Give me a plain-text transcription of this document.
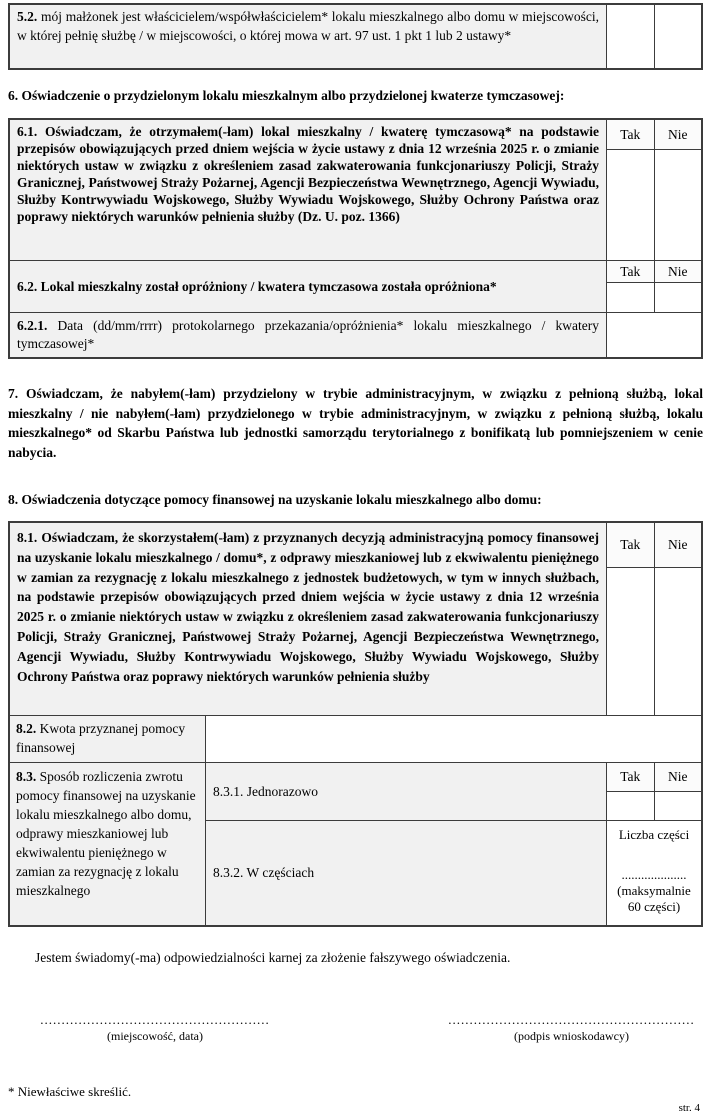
5.2. mój małżonek jest właścicielem/współwłaścicielem* lokalu mieszkalnego albo domu w miejscowości, w której pełnię służbę / w miejscowości, o której mowa w art. 97 ust. 1 pkt 1 lub 2 ustawy*
6. Oświadczenie o przydzielonym lokalu mieszkalnym albo przydzielonej kwaterze tymczasowej:
6.1. Oświadczam, że otrzymałem(-łam) lokal mieszkalny / kwaterę tymczasową* na podstawie przepisów obowiązujących przed dniem wejścia w życie ustawy z dnia 12 września 2025 r. o zmianie niektórych ustaw w związku z określeniem zasad zakwaterowania funkcjonariuszy Policji, Straży Granicznej, Państwowej Straży Pożarnej, Agencji Bezpieczeństwa Wewnętrznego, Agencji Wywiadu, Służby Kontrwywiadu Wojskowego, Służby Wywiadu Wojskowego, Służby Ochrony Państwa oraz poprawy niektórych warunków pełnienia służby (Dz. U. poz. 1366)
Tak	Nie
6.2. Lokal mieszkalny został opróżniony / kwatera tymczasowa została opróżniona*
Tak	Nie
6.2.1. Data (dd/mm/rrrr) protokolarnego przekazania/opróżnienia* lokalu mieszkalnego / kwatery tymczasowej*
7. Oświadczam, że nabyłem(-łam) przydzielony w trybie administracyjnym, w związku z pełnioną służbą, lokal mieszkalny / nie nabyłem(-łam) przydzielonego w trybie administracyjnym, w związku z pełnioną służbą, lokalu mieszkalnego* od Skarbu Państwa lub jednostki samorządu terytorialnego z bonifikatą lub pomniejszeniem w cenie nabycia.
8. Oświadczenia dotyczące pomocy finansowej na uzyskanie lokalu mieszkalnego albo domu:
8.1. Oświadczam, że skorzystałem(-łam) z przyznanych decyzją administracyjną pomocy finansowej na uzyskanie lokalu mieszkalnego / domu*, z odprawy mieszkaniowej lub z ekwiwalentu pieniężnego w zamian za rezygnację z lokalu mieszkalnego z jednostek budżetowych, w tym w innych służbach, na podstawie przepisów obowiązujących przed dniem wejścia w życie ustawy z dnia 12 września 2025 r. o zmianie niektórych ustaw w związku z określeniem zasad zakwaterowania funkcjonariuszy Policji, Straży Granicznej, Państwowej Straży Pożarnej, Agencji Bezpieczeństwa Wewnętrznego, Agencji Wywiadu, Służby Kontrwywiadu Wojskowego, Służby Wywiadu Wojskowego, Służby Ochrony Państwa oraz poprawy niektórych warunków pełnienia służby
Tak	Nie
8.2. Kwota przyznanej pomocy finansowej
8.3. Sposób rozliczenia zwrotu pomocy finansowej na uzyskanie lokalu mieszkalnego albo domu, odprawy mieszkaniowej lub ekwiwalentu pieniężnego w zamian za rezygnację z lokalu mieszkalnego
8.3.1. Jednorazowo
Tak	Nie
8.3.2. W częściach
Liczba części
....................
(maksymalnie
60 części)
Jestem świadomy(-ma) odpowiedzialności karnej za złożenie fałszywego oświadczenia.
......................................................
(miejscowość, data)
..........................................................
(podpis wnioskodawcy)
* Niewłaściwe skreślić.
str. 4
